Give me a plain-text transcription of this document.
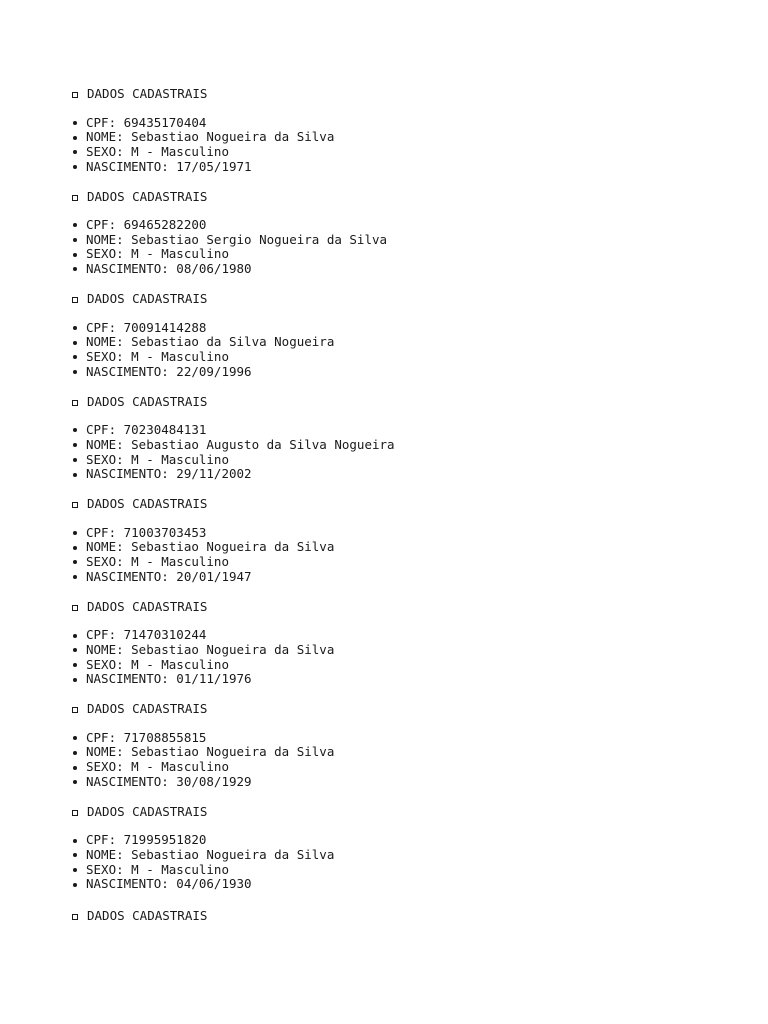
DADOS CADASTRAIS
CPF: 69435170404
NOME: Sebastiao Nogueira da Silva
SEXO: M - Masculino
NASCIMENTO: 17/05/1971
DADOS CADASTRAIS
CPF: 69465282200
NOME: Sebastiao Sergio Nogueira da Silva
SEXO: M - Masculino
NASCIMENTO: 08/06/1980
DADOS CADASTRAIS
CPF: 70091414288
NOME: Sebastiao da Silva Nogueira
SEXO: M - Masculino
NASCIMENTO: 22/09/1996
DADOS CADASTRAIS
CPF: 70230484131
NOME: Sebastiao Augusto da Silva Nogueira
SEXO: M - Masculino
NASCIMENTO: 29/11/2002
DADOS CADASTRAIS
CPF: 71003703453
NOME: Sebastiao Nogueira da Silva
SEXO: M - Masculino
NASCIMENTO: 20/01/1947
DADOS CADASTRAIS
CPF: 71470310244
NOME: Sebastiao Nogueira da Silva
SEXO: M - Masculino
NASCIMENTO: 01/11/1976
DADOS CADASTRAIS
CPF: 71708855815
NOME: Sebastiao Nogueira da Silva
SEXO: M - Masculino
NASCIMENTO: 30/08/1929
DADOS CADASTRAIS
CPF: 71995951820
NOME: Sebastiao Nogueira da Silva
SEXO: M - Masculino
NASCIMENTO: 04/06/1930
DADOS CADASTRAIS
